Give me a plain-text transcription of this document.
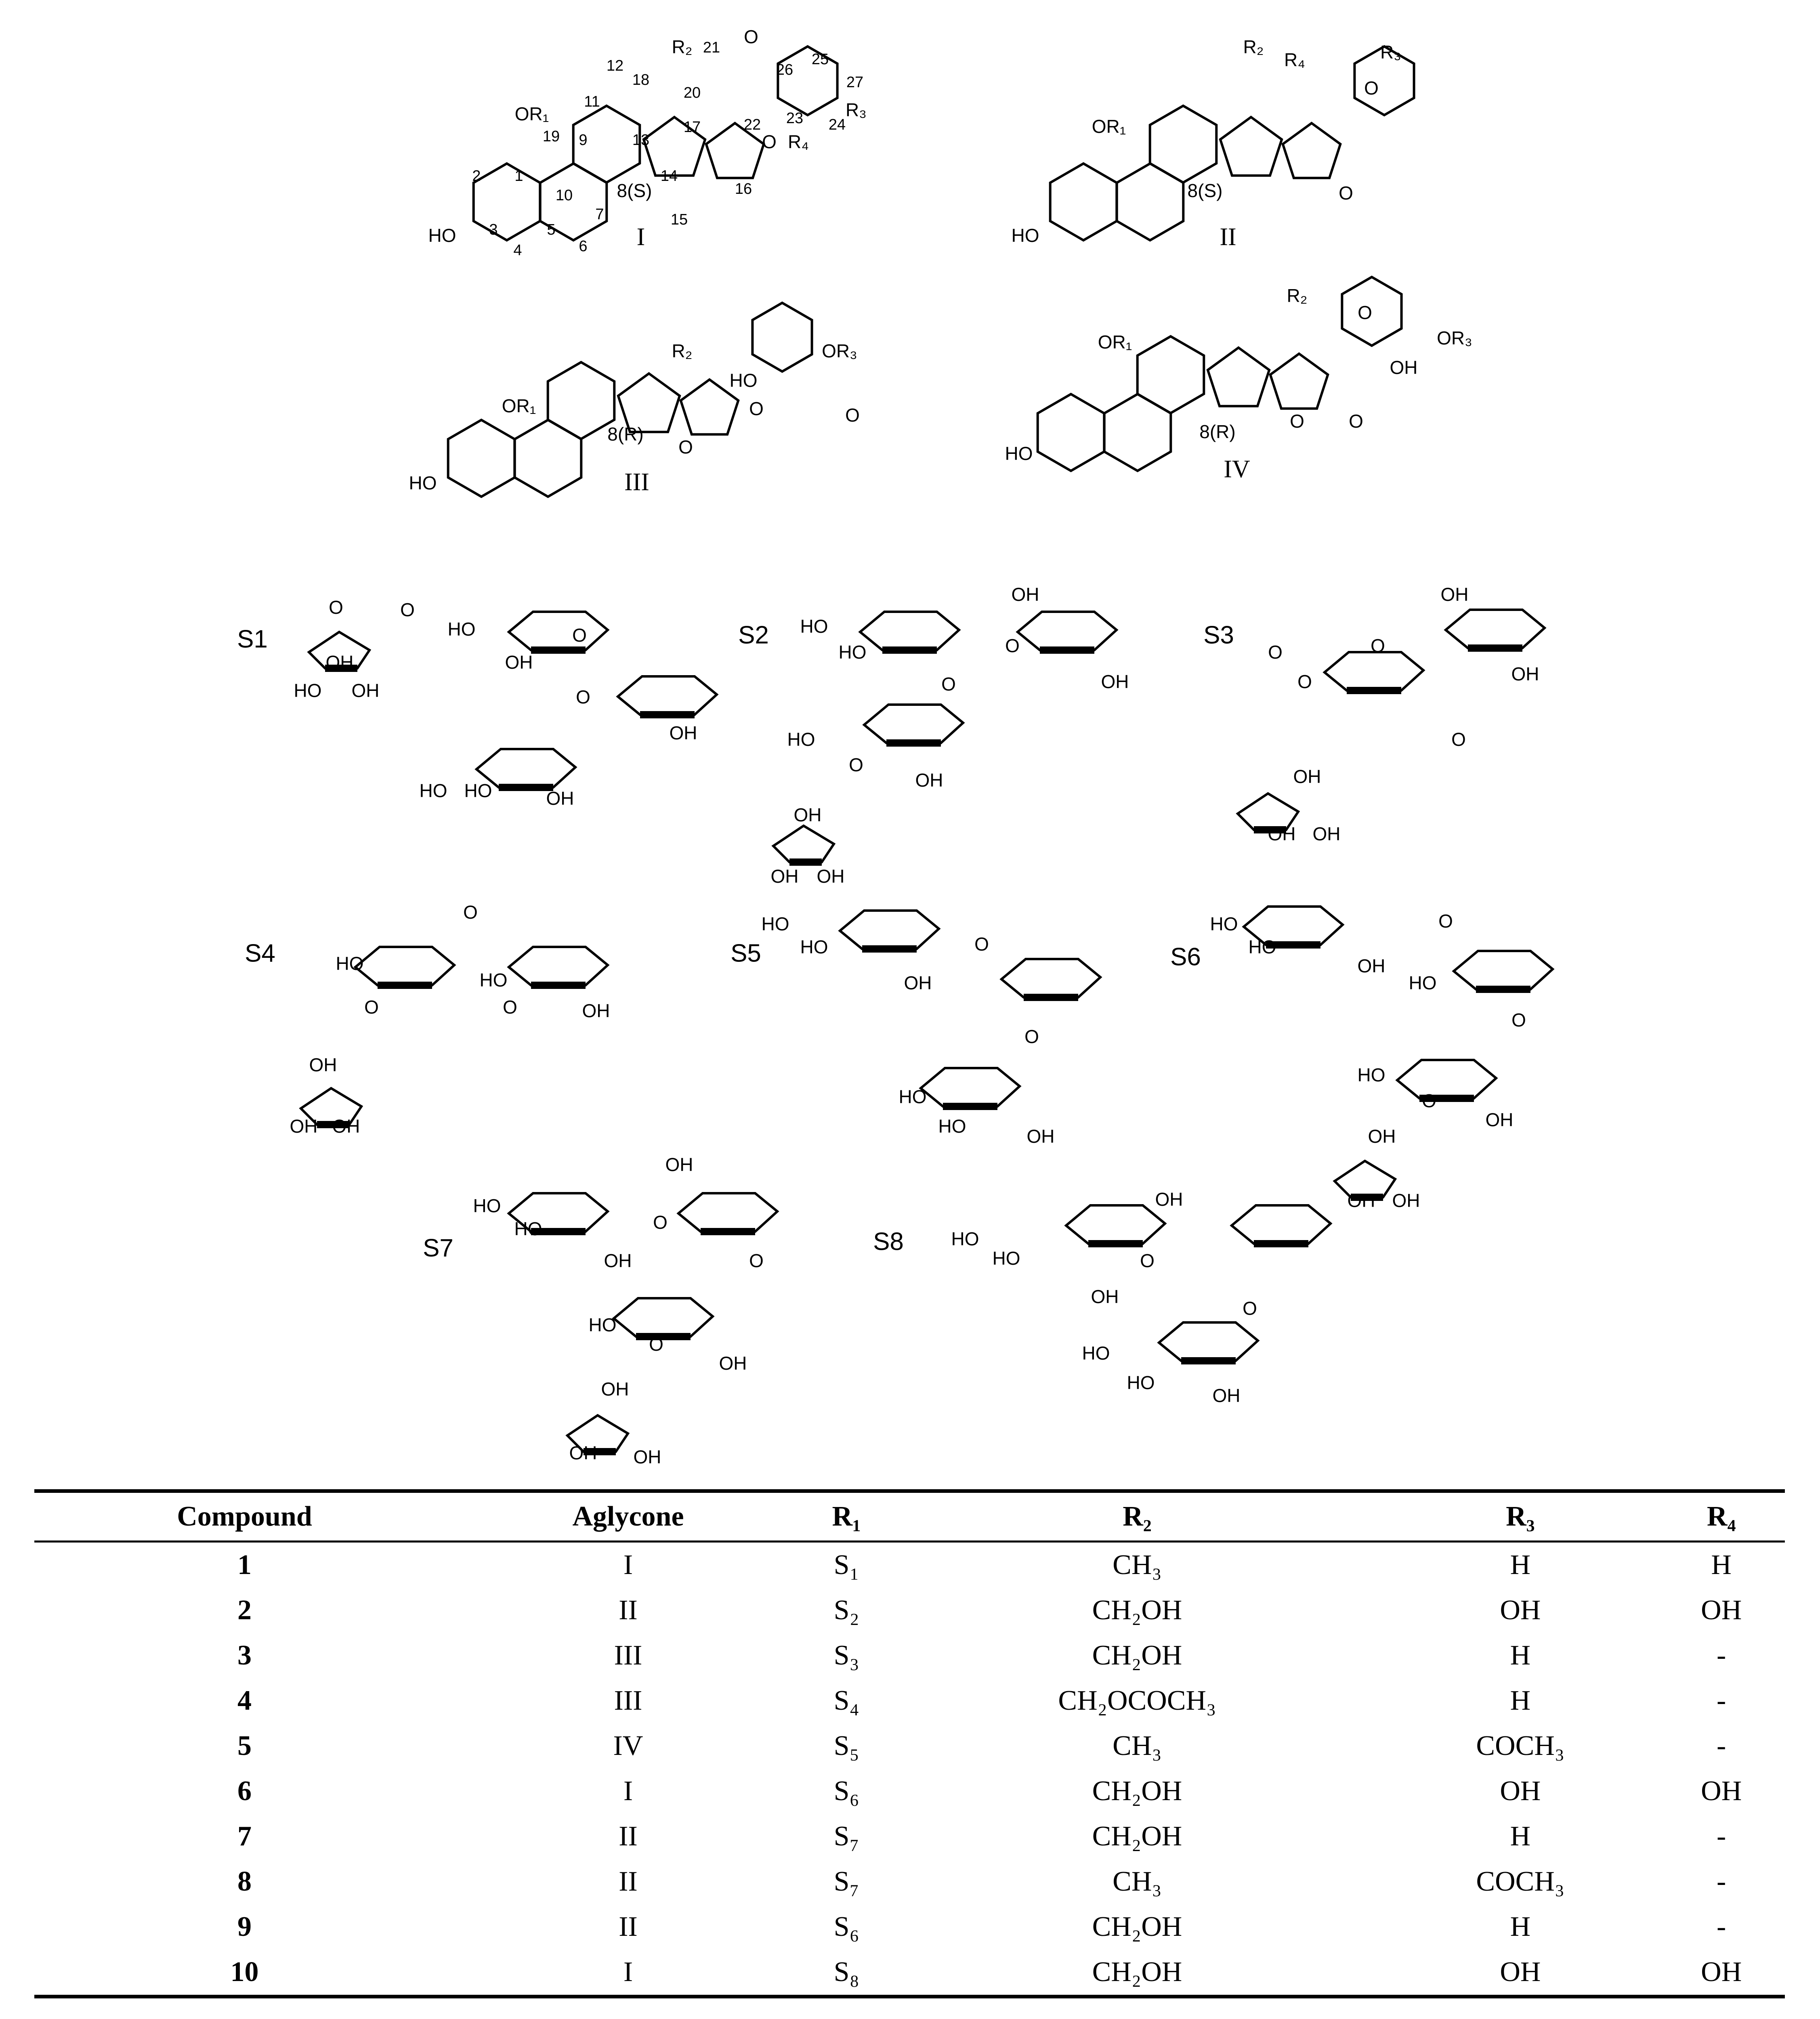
OR₁
19
1
2
3
HO
4
5
6
7
10
9
11
12
13
18
14
8(S)
15
16
17
O
20
R₂ 21
22
O
26
25
27
23 24
R₃
R₄
I
R₂
R₄	R₃
O
O
OR₁
HO
8(S)
II
R₂
HO
OR₃
O
O
OR₁
HO
8(R)
O
III
R₂
O
OR₃
OH
O
OR₁
HO
8(R)	O
IV
O
OH
HO OH
O
HO
OH
O
O
OH
HO HO	OH
S1	HO
HO	O
OH
OH
O
HO
O
OH
OH
OH OH
S2
OH
OH
O
O
O
OH
OH OH
O
S3
O
HO
O	O
HO
OH
OH
OH OH
S4
HO
HO
OH
O
O
HO
HO	OH
S5
HO
HO
OH
O
HO
O
HO
O
OH
OH
OH OH
S6
HO
HO
OH
O
OH
O
HO
O
OH
OH
OH OH
S7	HO
HO
OH
O
OH
O
HO
HO
OH
S8
Compound	Aglycone	R₁	R₂	R₃	R₄
1	I	S₁	CH₃	H	H
2	II	S₂	CH₂OH	OH	OH
3	III	S₃	CH₂OH	H	-
4	III	S₄	CH₂OCOCH₃	H	-
5	IV	S₅	CH₃	COCH₃	-
6	I	S₆	CH₂OH	OH	OH
7	II	S₇	CH₂OH	H	-
8	II	S₇	CH₃	COCH₃	-
9	II	S₆	CH₂OH	H	-
10	I	S₈	CH₂OH	OH	OH
